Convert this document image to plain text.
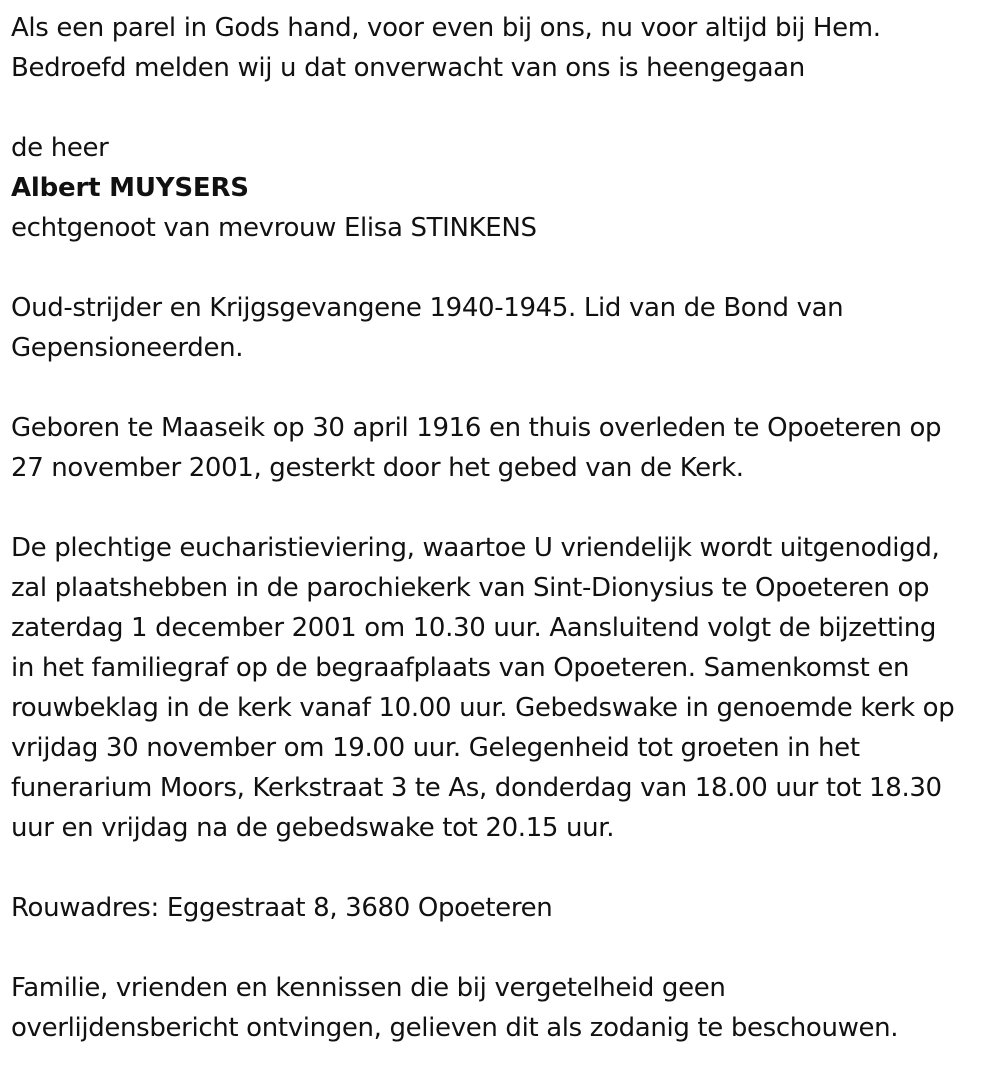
Als een parel in Gods hand, voor even bij ons, nu voor altijd bij Hem.
Bedroefd melden wij u dat onverwacht van ons is heengegaan
de heer
Albert MUYSERS
echtgenoot van mevrouw Elisa STINKENS
Oud-strijder en Krijgsgevangene 1940-1945. Lid van de Bond van
Gepensioneerden.
Geboren te Maaseik op 30 april 1916 en thuis overleden te Opoeteren op
27 november 2001, gesterkt door het gebed van de Kerk.
De plechtige eucharistieviering, waartoe U vriendelijk wordt uitgenodigd,
zal plaatshebben in de parochiekerk van Sint-Dionysius te Opoeteren op
zaterdag 1 december 2001 om 10.30 uur. Aansluitend volgt de bijzetting
in het familiegraf op de begraafplaats van Opoeteren. Samenkomst en
rouwbeklag in de kerk vanaf 10.00 uur. Gebedswake in genoemde kerk op
vrijdag 30 november om 19.00 uur. Gelegenheid tot groeten in het
funerarium Moors, Kerkstraat 3 te As, donderdag van 18.00 uur tot 18.30
uur en vrijdag na de gebedswake tot 20.15 uur.
Rouwadres: Eggestraat 8, 3680 Opoeteren
Familie, vrienden en kennissen die bij vergetelheid geen
overlijdensbericht ontvingen, gelieven dit als zodanig te beschouwen.
